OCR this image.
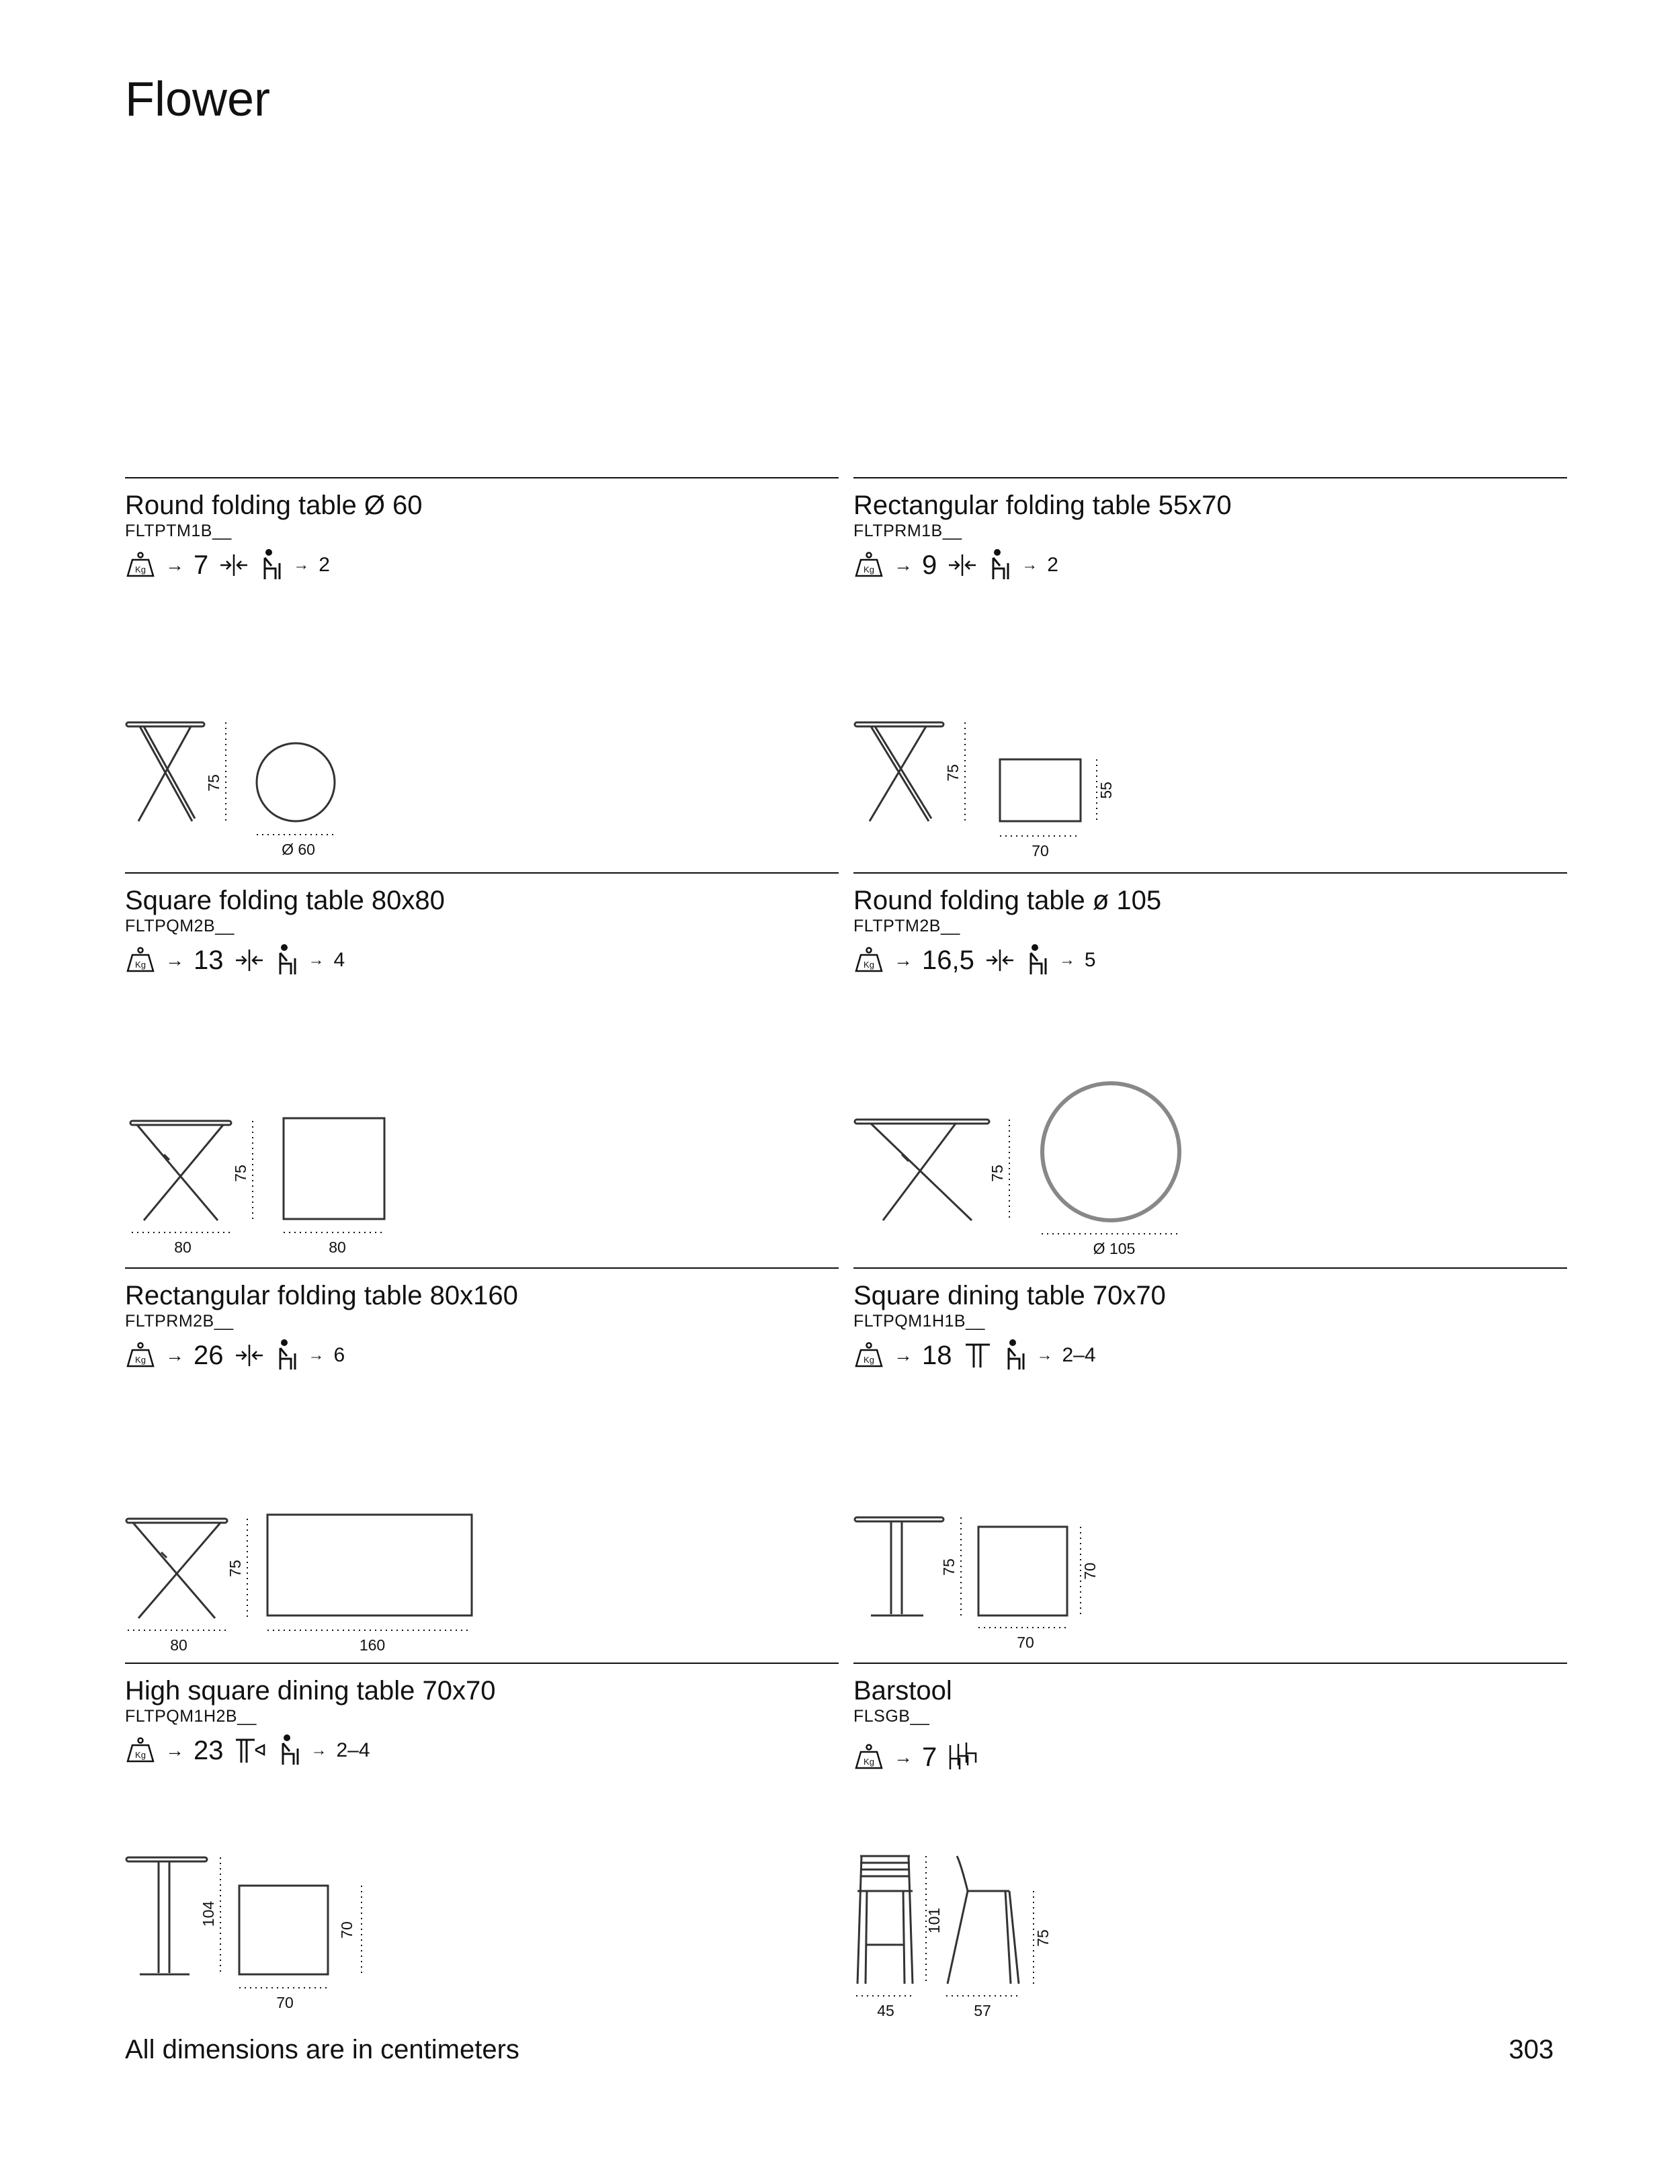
Flower
Round folding table Ø 60
FLTPTM1B__
Kg → 7	→ 2
75
Ø 60
Rectangular folding table 55x70
FLTPRM1B__
Kg → 9	→ 2
75
55
70
Square folding table 80x80
FLTPQM2B__
Kg → 13	→ 4
75
80	80
Round folding table ø 105
FLTPTM2B__
Kg → 16,5	→ 5
75
Ø 105
Rectangular folding table 80x160
FLTPRM2B__
Kg → 26	→ 6
75
80	160
Square dining table 70x70
FLTPQM1H1B__
Kg → 18	→ 2–4
75	70
70
High square dining table 70x70
FLTPQM1H2B__
Kg → 23	→ 2–4
104
70
70
Barstool
FLSGB__
Kg → 7
101
45
75
57
All dimensions are in centimeters	303
